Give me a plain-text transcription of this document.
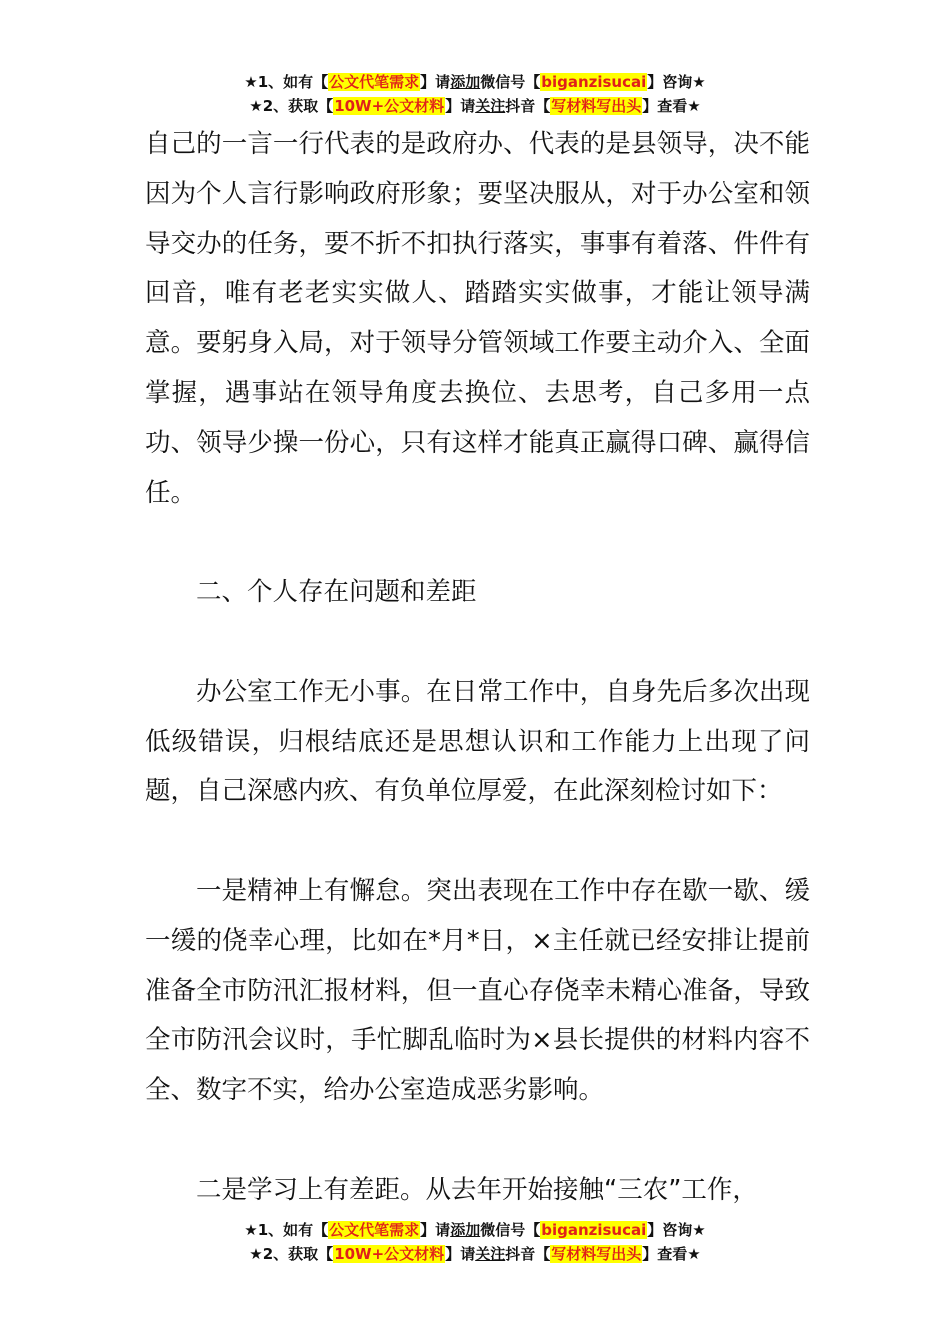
★1、如有【公文代笔需求】请添加微信号【biganzisucai】咨询★
★2、获取【10W+公文材料】请关注抖音【写材料写出头】查看★

自己的一言一行代表的是政府办、代表的是县领导，决不能因为个人言行影响政府形象；要坚决服从，对于办公室和领导交办的任务，要不折不扣执行落实，事事有着落、件件有回音，唯有老老实实做人、踏踏实实做事，才能让领导满意。要躬身入局，对于领导分管领域工作要主动介入、全面掌握，遇事站在领导角度去换位、去思考，自己多用一点功、领导少操一份心，只有这样才能真正赢得口碑、赢得信任。

二、个人存在问题和差距

办公室工作无小事。在日常工作中，自身先后多次出现低级错误，归根结底还是思想认识和工作能力上出现了问题，自己深感内疚、有负单位厚爱，在此深刻检讨如下：

一是精神上有懈怠。突出表现在工作中存在歇一歇、缓一缓的侥幸心理，比如在*月*日，×主任就已经安排让提前准备全市防汛汇报材料，但一直心存侥幸未精心准备，导致全市防汛会议时，手忙脚乱临时为×县长提供的材料内容不全、数字不实，给办公室造成恶劣影响。

二是学习上有差距。从去年开始接触“三农”工作，

★1、如有【公文代笔需求】请添加微信号【biganzisucai】咨询★
★2、获取【10W+公文材料】请关注抖音【写材料写出头】查看★
